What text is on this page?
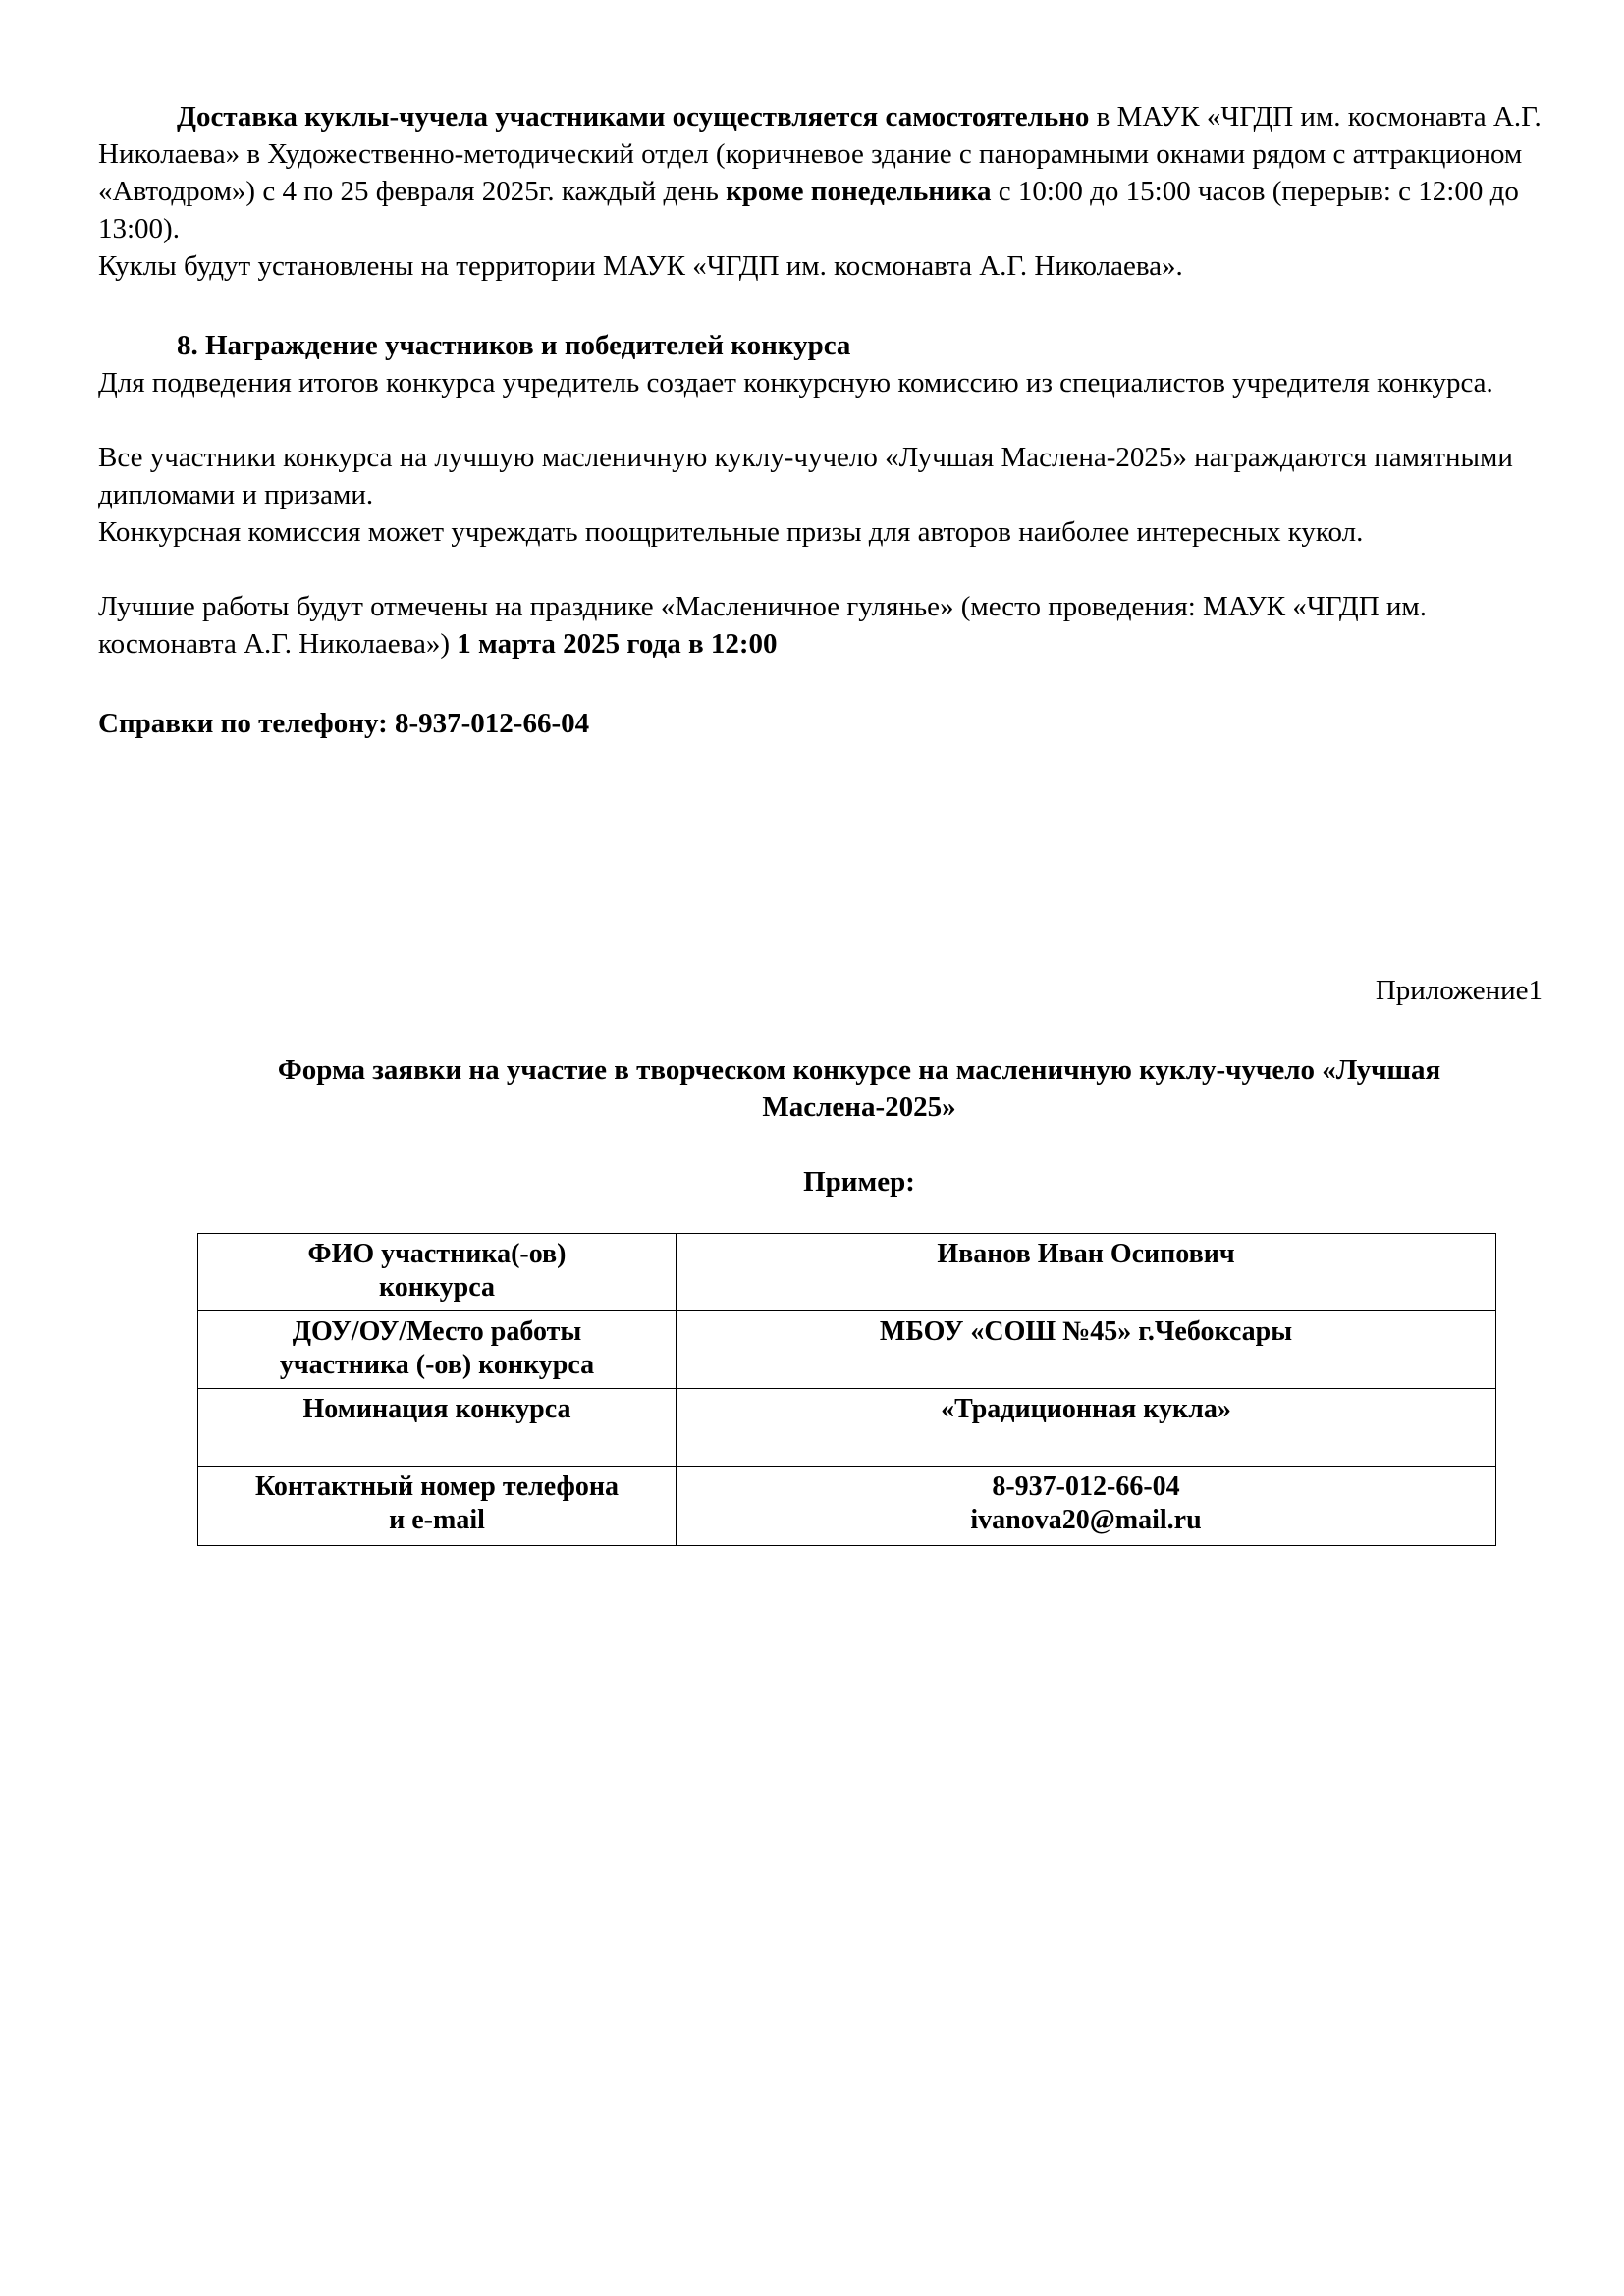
Доставка куклы-чучела участниками осуществляется самостоятельно в МАУК «ЧГДП им. космонавта А.Г. Николаева» в Художественно-методический отдел (коричневое здание с панорамными окнами рядом с аттракционом «Автодром») с 4 по 25 февраля 2025г. каждый день кроме понедельника с 10:00 до 15:00 часов (перерыв: с 12:00 до 13:00).

Куклы будут установлены на территории МАУК «ЧГДП им. космонавта А.Г. Николаева».

8. Награждение участников и победителей конкурса

Для подведения итогов конкурса учредитель создает конкурсную комиссию из специалистов учредителя конкурса.

Все участники конкурса на лучшую масленичную куклу-чучело «Лучшая Маслена-2025» награждаются памятными дипломами и призами.

Конкурсная комиссия может учреждать поощрительные призы для авторов наиболее интересных кукол.

Лучшие работы будут отмечены на празднике «Масленичное гулянье» (место проведения: МАУК «ЧГДП им. космонавта А.Г. Николаева») 1 марта 2025 года в 12:00

Справки по телефону: 8-937-012-66-04

Приложение1
Форма заявки на участие в творческом конкурсе на масленичную куклу-чучело «Лучшая
Маслена-2025»
Пример:
ФИО участника(-ов)
конкурса	Иванов Иван Осипович

ДОУ/ОУ/Место работы
участника (-ов) конкурса	МБОУ «СОШ №45» г.Чебоксары

Номинация конкурса	«Традиционная кукла»

Контактный номер телефона
и e-mail	8-937-012-66-04
ivanova20@mail.ru
